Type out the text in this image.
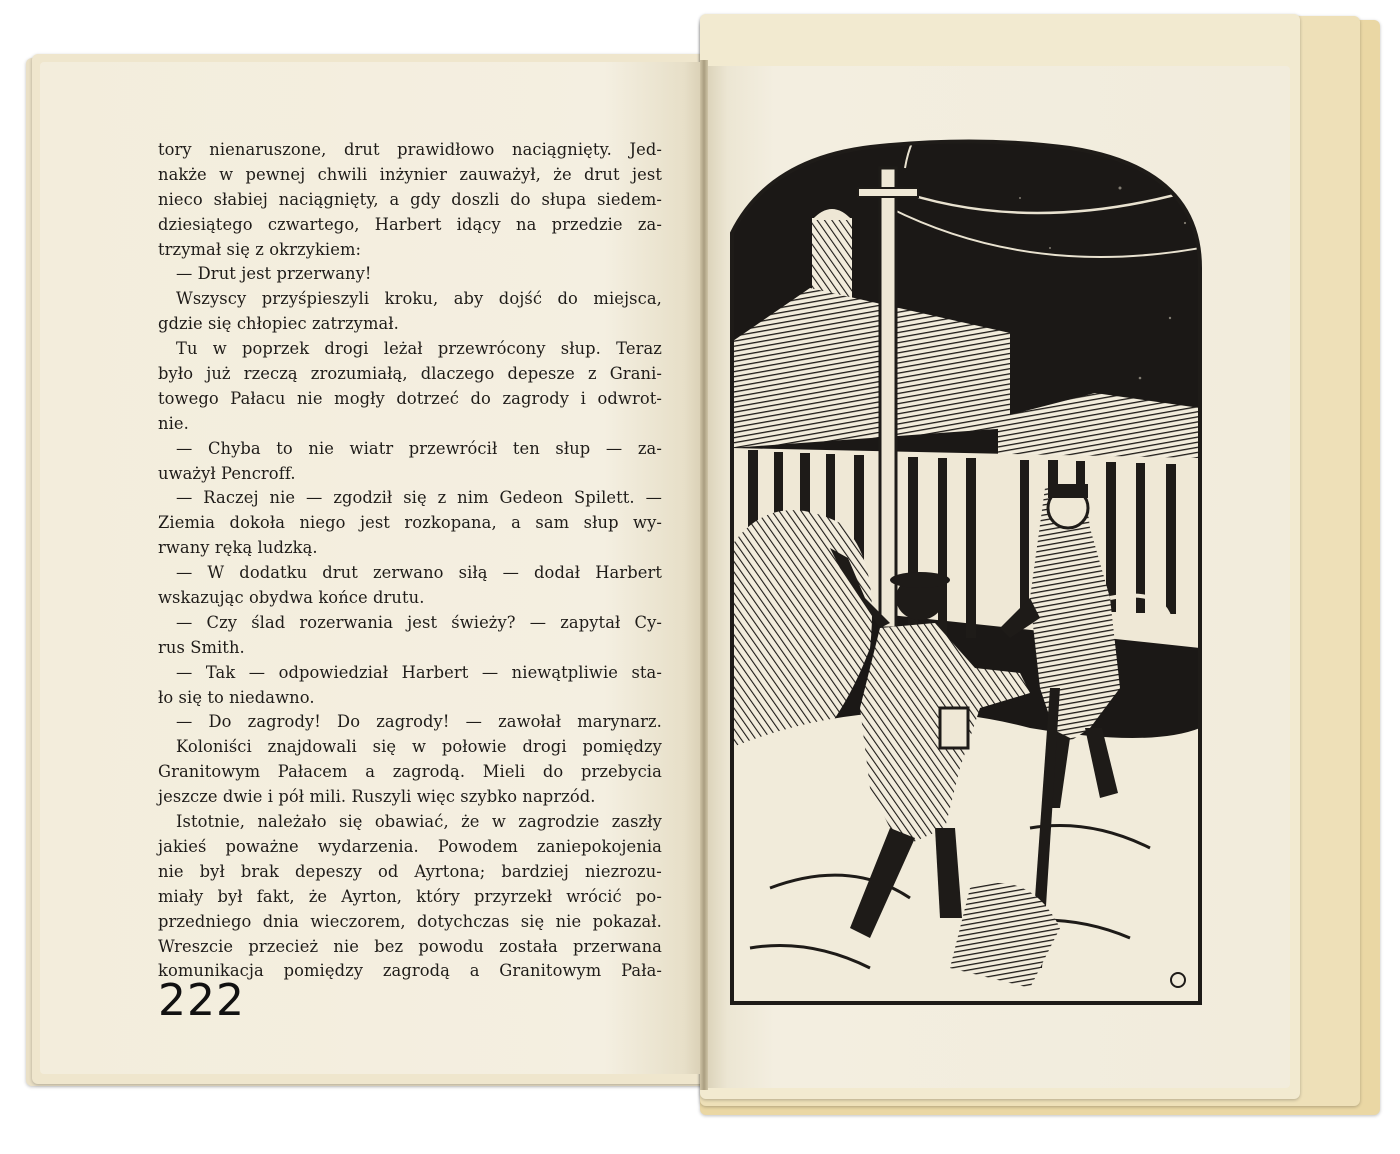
tory nienaruszone, drut prawidłowo naciągnięty. Jed-
nakże w pewnej chwili inżynier zauważył, że drut jest
nieco słabiej naciągnięty, a gdy doszli do słupa siedem-
dziesiątego czwartego, Harbert idący na przedzie za-
trzymał się z okrzykiem:
— Drut jest przerwany!
Wszyscy przyśpieszyli kroku, aby dojść do miejsca,
gdzie się chłopiec zatrzymał.
Tu w poprzek drogi leżał przewrócony słup. Teraz
było już rzeczą zrozumiałą, dlaczego depesze z Grani-
towego Pałacu nie mogły dotrzeć do zagrody i odwrot-
nie.
— Chyba to nie wiatr przewrócił ten słup — za-
uważył Pencroff.
— Raczej nie — zgodził się z nim Gedeon Spilett. —
Ziemia dokoła niego jest rozkopana, a sam słup wy-
rwany ręką ludzką.
— W dodatku drut zerwano siłą — dodał Harbert
wskazując obydwa końce drutu.
— Czy ślad rozerwania jest świeży? — zapytał Cy-
rus Smith.
— Tak — odpowiedział Harbert — niewątpliwie sta-
ło się to niedawno.
— Do zagrody! Do zagrody! — zawołał marynarz.
Koloniści znajdowali się w połowie drogi pomiędzy
Granitowym Pałacem a zagrodą. Mieli do przebycia
jeszcze dwie i pół mili. Ruszyli więc szybko naprzód.
Istotnie, należało się obawiać, że w zagrodzie zaszły
jakieś poważne wydarzenia. Powodem zaniepokojenia
nie był brak depeszy od Ayrtona; bardziej niezrozu-
miały był fakt, że Ayrton, który przyrzekł wrócić po-
przedniego dnia wieczorem, dotychczas się nie pokazał.
Wreszcie przecież nie bez powodu została przerwana
komunikacja pomiędzy zagrodą a Granitowym Pała-
222
